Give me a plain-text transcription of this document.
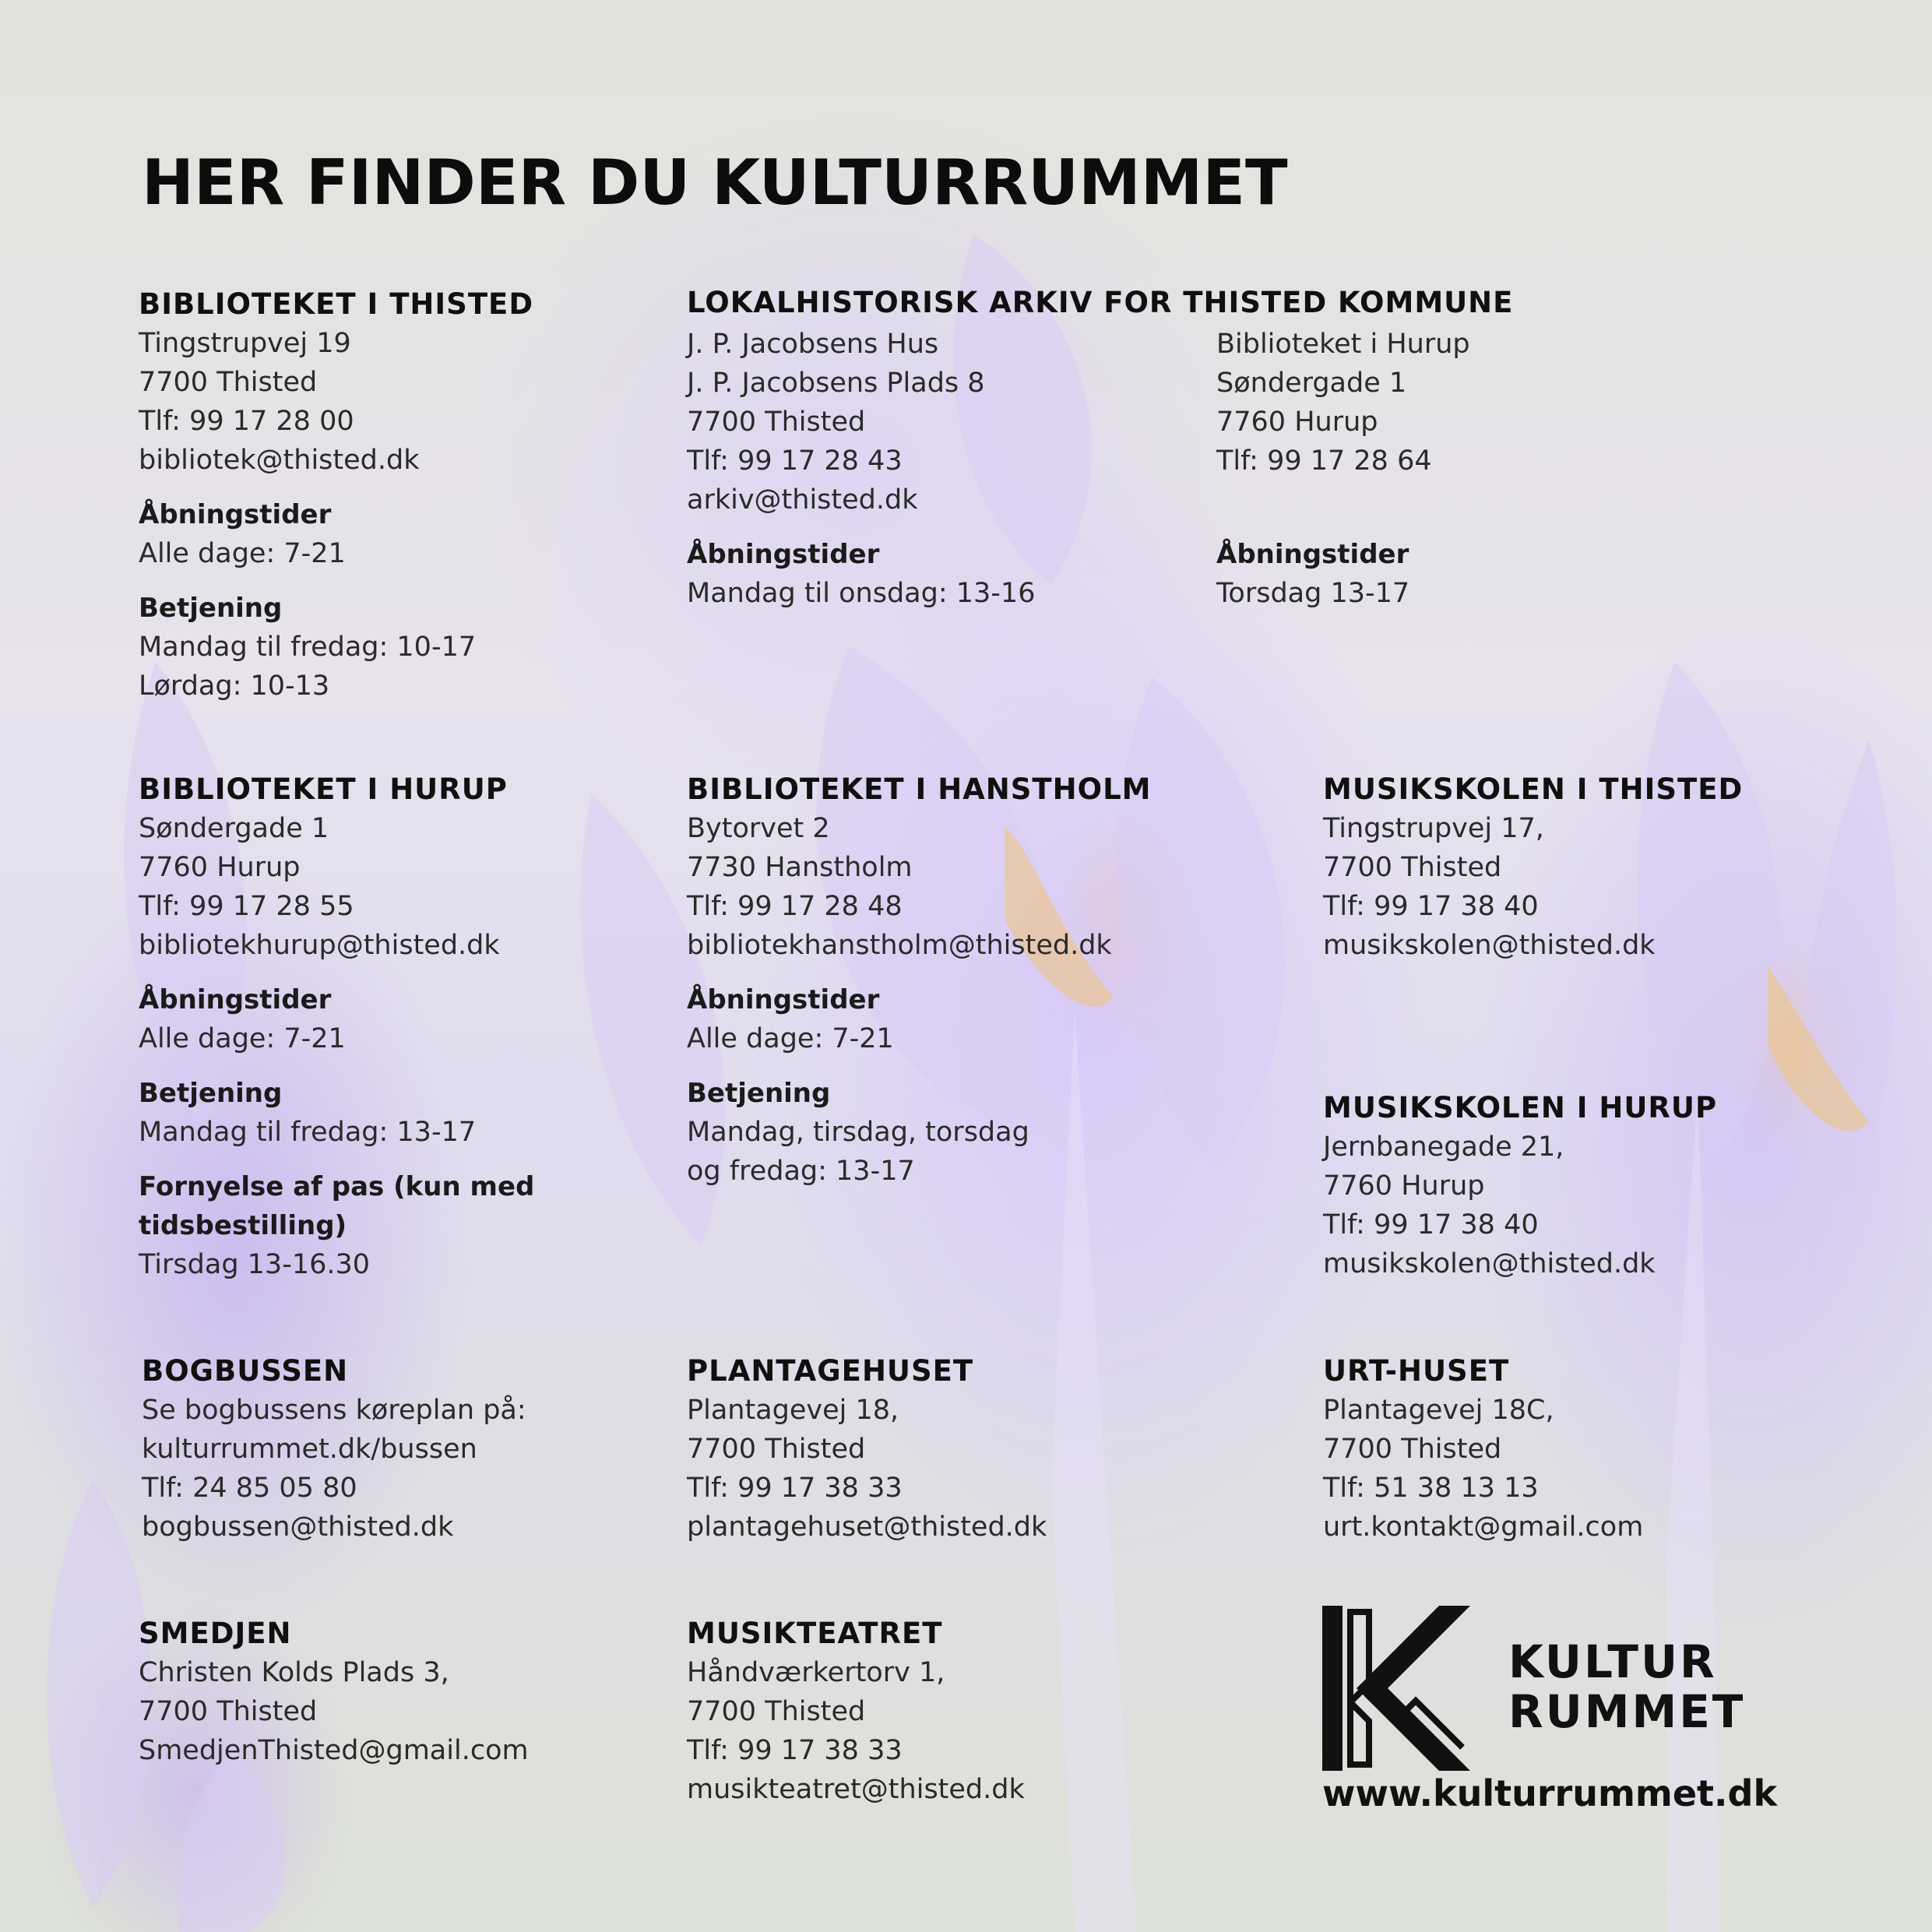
HER FINDER DU KULTURRUMMET
BIBLIOTEKET I THISTED
Tingstrupvej 19
7700 Thisted
Tlf: 99 17 28 00
bibliotek@thisted.dk
Åbningstider
Alle dage: 7-21
Betjening
Mandag til fredag: 10-17
Lørdag: 10-13
LOKALHISTORISK ARKIV FOR THISTED KOMMUNE
J. P. Jacobsens Hus
J. P. Jacobsens Plads 8
7700 Thisted
Tlf: 99 17 28 43
arkiv@thisted.dk
Åbningstider
Mandag til onsdag: 13-16
Biblioteket i Hurup
Søndergade 1
7760 Hurup
Tlf: 99 17 28 64
Åbningstider
Torsdag 13-17
BIBLIOTEKET I HURUP
Søndergade 1
7760 Hurup
Tlf: 99 17 28 55
bibliotekhurup@thisted.dk
Åbningstider
Alle dage: 7-21
Betjening
Mandag til fredag: 13-17
Fornyelse af pas (kun med
tidsbestilling)
Tirsdag 13-16.30
BIBLIOTEKET I HANSTHOLM
Bytorvet 2
7730 Hanstholm
Tlf: 99 17 28 48
bibliotekhanstholm@thisted.dk
Åbningstider
Alle dage: 7-21
Betjening
Mandag, tirsdag, torsdag
og fredag: 13-17
MUSIKSKOLEN I THISTED
Tingstrupvej 17,
7700 Thisted
Tlf: 99 17 38 40
musikskolen@thisted.dk
MUSIKSKOLEN I HURUP
Jernbanegade 21,
7760 Hurup
Tlf: 99 17 38 40
musikskolen@thisted.dk
BOGBUSSEN
Se bogbussens køreplan på:
kulturrummet.dk/bussen
Tlf: 24 85 05 80
bogbussen@thisted.dk
PLANTAGEHUSET
Plantagevej 18,
7700 Thisted
Tlf: 99 17 38 33
plantagehuset@thisted.dk
URT-HUSET
Plantagevej 18C,
7700 Thisted
Tlf: 51 38 13 13
urt.kontakt@gmail.com
SMEDJEN
Christen Kolds Plads 3,
7700 Thisted
SmedjenThisted@gmail.com
MUSIKTEATRET
Håndværkertorv 1,
7700 Thisted
Tlf: 99 17 38 33
musikteatret@thisted.dk
KULTUR
RUMMET
www.kulturrummet.dk
